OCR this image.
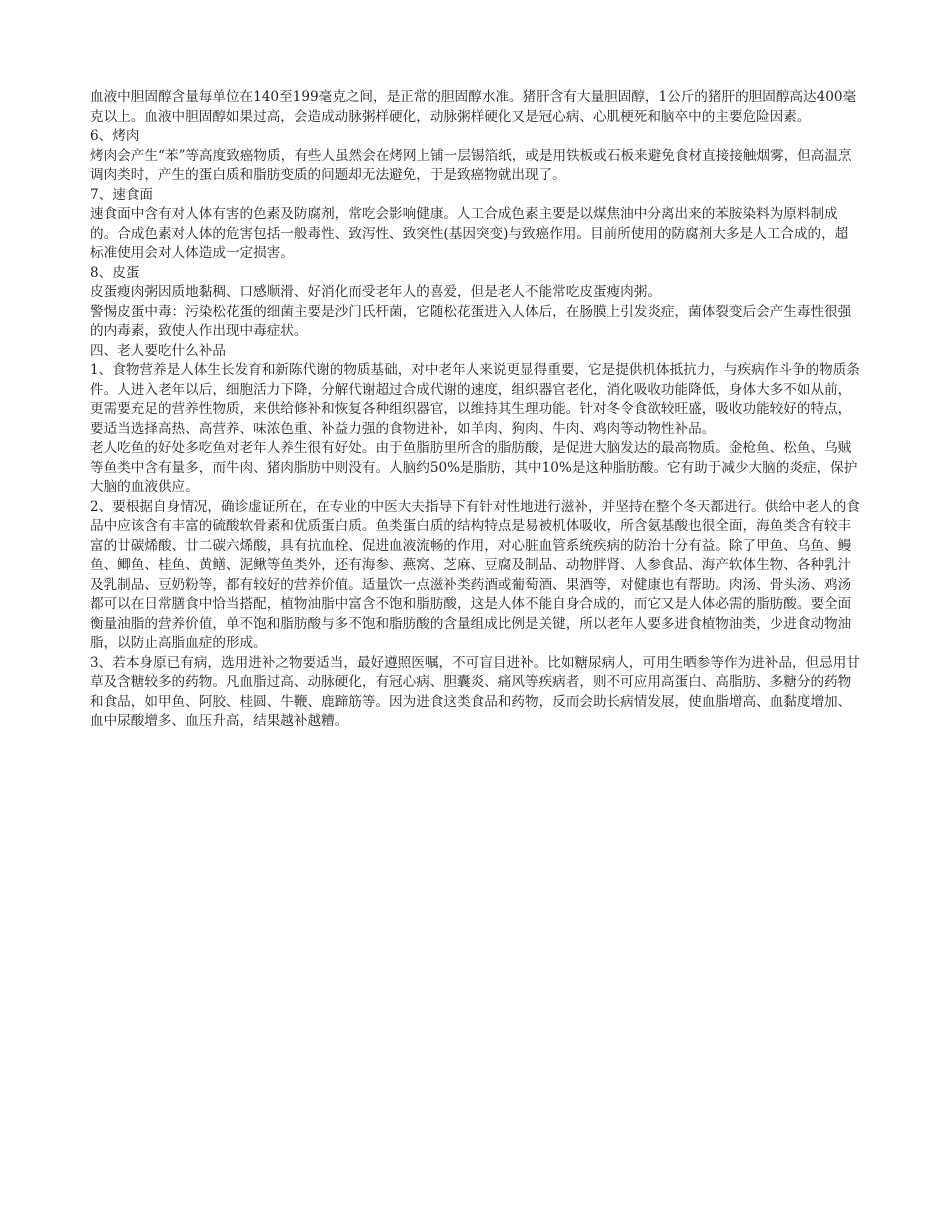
血液中胆固醇含量每单位在140至199毫克之间，是正常的胆固醇水准。猪肝含有大量胆固醇，1公斤的猪肝的胆固醇高达400毫克以上。血液中胆固醇如果过高，会造成动脉粥样硬化，动脉粥样硬化又是冠心病、心肌梗死和脑卒中的主要危险因素。

6、烤肉

烤肉会产生“苯”等高度致癌物质，有些人虽然会在烤网上铺一层锡箔纸，或是用铁板或石板来避免食材直接接触烟雾，但高温烹调肉类时，产生的蛋白质和脂肪变质的问题却无法避免，于是致癌物就出现了。

7、速食面

速食面中含有对人体有害的色素及防腐剂，常吃会影响健康。人工合成色素主要是以煤焦油中分离出来的苯胺染料为原料制成的。合成色素对人体的危害包括一般毒性、致泻性、致突性(基因突变)与致癌作用。目前所使用的防腐剂大多是人工合成的，超标准使用会对人体造成一定损害。

8、皮蛋

皮蛋瘦肉粥因质地黏稠、口感顺滑、好消化而受老年人的喜爱，但是老人不能常吃皮蛋瘦肉粥。

警惕皮蛋中毒：污染松花蛋的细菌主要是沙门氏杆菌，它随松花蛋进入人体后，在肠膜上引发炎症，菌体裂变后会产生毒性很强的内毒素，致使人作出现中毒症状。

四、老人要吃什么补品

1、食物营养是人体生长发育和新陈代谢的物质基础，对中老年人来说更显得重要，它是提供机体抵抗力，与疾病作斗争的物质条件。人进入老年以后，细胞活力下降，分解代谢超过合成代谢的速度，组织器官老化，消化吸收功能降低，身体大多不如从前，更需要充足的营养性物质，来供给修补和恢复各种组织器官，以维持其生理功能。针对冬令食欲较旺盛，吸收功能较好的特点，要适当选择高热、高营养、味浓色重、补益力强的食物进补，如羊肉、狗肉、牛肉、鸡肉等动物性补品。

老人吃鱼的好处多吃鱼对老年人养生很有好处。由于鱼脂肪里所含的脂肪酸，是促进大脑发达的最高物质。金枪鱼、松鱼、乌贼等鱼类中含有量多，而牛肉、猪肉脂肪中则没有。人脑约50%是脂肪，其中10%是这种脂肪酸。它有助于减少大脑的炎症，保护大脑的血液供应。

2、要根据自身情况，确诊虚证所在，在专业的中医大夫指导下有针对性地进行滋补，并坚持在整个冬天都进行。供给中老人的食品中应该含有丰富的硫酸软骨素和优质蛋白质。鱼类蛋白质的结构特点是易被机体吸收，所含氨基酸也很全面，海鱼类含有较丰富的廿碳烯酸、廿二碳六烯酸，具有抗血栓、促进血液流畅的作用，对心脏血管系统疾病的防治十分有益。除了甲鱼、乌鱼、鳗鱼、鲫鱼、桂鱼、黄鳝、泥鳅等鱼类外，还有海参、燕窝、芝麻、豆腐及制品、动物胖肾、人参食品、海产软体生物、各种乳汁及乳制品、豆奶粉等，都有较好的营养价值。适量饮一点滋补类药酒或葡萄酒、果酒等，对健康也有帮助。肉汤、骨头汤、鸡汤都可以在日常膳食中恰当搭配，植物油脂中富含不饱和脂肪酸，这是人体不能自身合成的，而它又是人体必需的脂肪酸。要全面衡量油脂的营养价值，单不饱和脂肪酸与多不饱和脂肪酸的含量组成比例是关键，所以老年人要多进食植物油类，少进食动物油脂，以防止高脂血症的形成。

3、若本身原已有病，选用进补之物要适当，最好遵照医嘱，不可盲目进补。比如糖尿病人，可用生晒参等作为进补品，但忌用甘草及含糖较多的药物。凡血脂过高、动脉硬化，有冠心病、胆囊炎、痛风等疾病者，则不可应用高蛋白、高脂肪、多糖分的药物和食品，如甲鱼、阿胶、桂圆、牛鞭、鹿蹄筋等。因为进食这类食品和药物，反而会助长病情发展，使血脂增高、血黏度增加、血中尿酸增多、血压升高，结果越补越糟。
